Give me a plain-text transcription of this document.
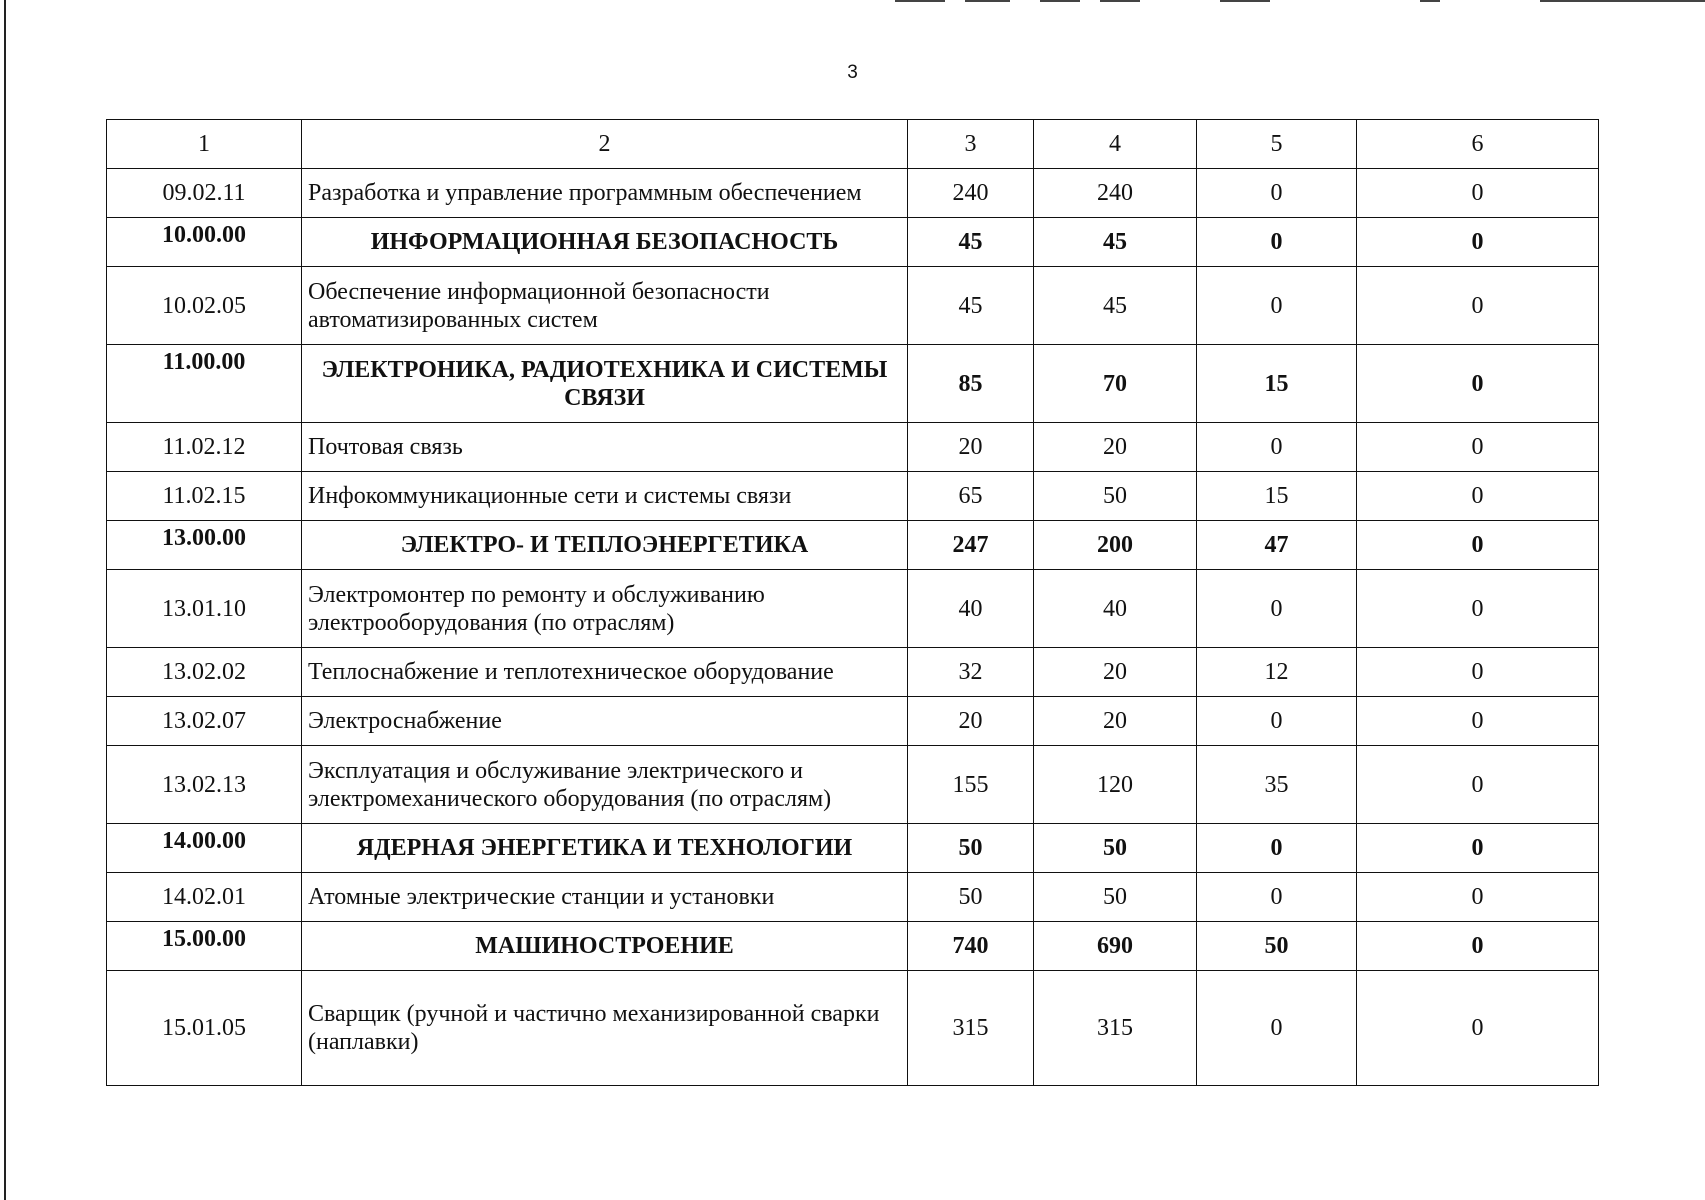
3
1	2	3	4	5	6
09.02.11	Разработка и управление программным обеспечением	240	240	0	0
10.00.00	ИНФОРМАЦИОННАЯ БЕЗОПАСНОСТЬ	45	45	0	0
10.02.05	Обеспечение информационной безопасности автоматизированных систем	45	45	0	0
11.00.00	ЭЛЕКТРОНИКА, РАДИОТЕХНИКА И СИСТЕМЫ СВЯЗИ	85	70	15	0
11.02.12	Почтовая связь	20	20	0	0
11.02.15	Инфокоммуникационные сети и системы связи	65	50	15	0
13.00.00	ЭЛЕКТРО- И ТЕПЛОЭНЕРГЕТИКА	247	200	47	0
13.01.10	Электромонтер по ремонту и обслуживанию электрооборудования (по отраслям)	40	40	0	0
13.02.02	Теплоснабжение и теплотехническое оборудование	32	20	12	0
13.02.07	Электроснабжение	20	20	0	0
13.02.13	Эксплуатация и обслуживание электрического и электромеханического оборудования (по отраслям)	155	120	35	0
14.00.00	ЯДЕРНАЯ ЭНЕРГЕТИКА И ТЕХНОЛОГИИ	50	50	0	0
14.02.01	Атомные электрические станции и установки	50	50	0	0
15.00.00	МАШИНОСТРОЕНИЕ	740	690	50	0
15.01.05	Сварщик (ручной и частично механизированной сварки (наплавки)	315	315	0	0
